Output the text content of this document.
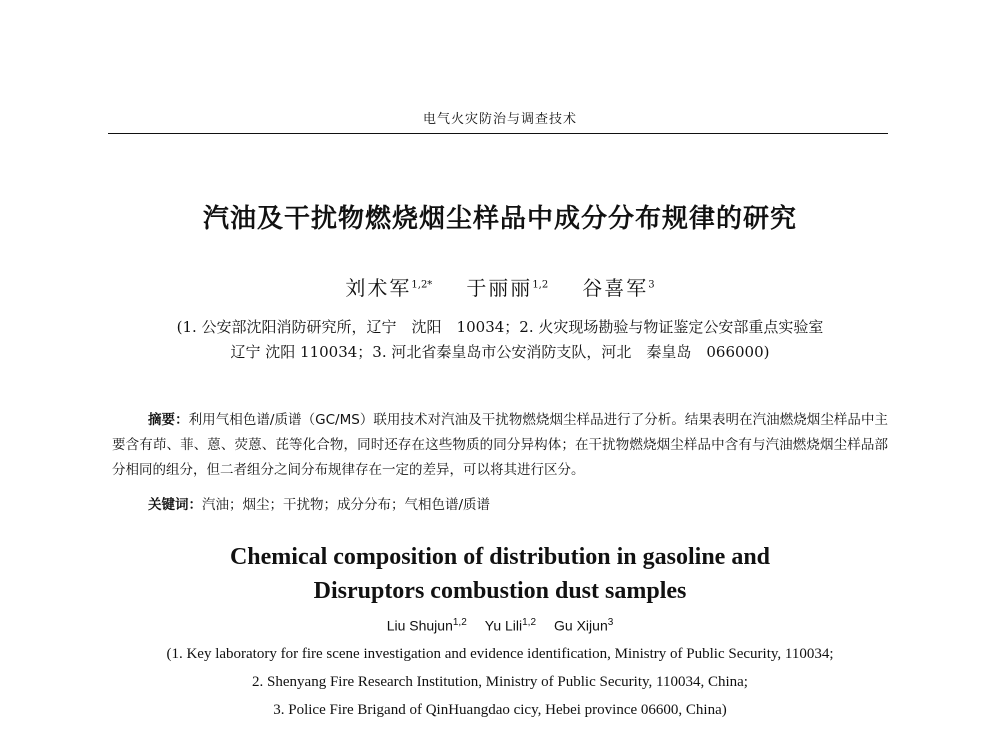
电气火灾防治与调查技术
汽油及干扰物燃烧烟尘样品中成分分布规律的研究
刘术军$^{1,2*}$ 于丽丽$^{1,2}$ 谷喜军$^3$
(1. 公安部沈阳消防研究所，辽宁　沈阳　10034；2. 火灾现场勘验与物证鉴定公安部重点实验室
辽宁 沈阳 110034；3. 河北省秦皇岛市公安消防支队，河北　秦皇岛　066000)
摘要：利用气相色谱/质谱（GC/MS）联用技术对汽油及干扰物燃烧烟尘样品进行了分析。结果表明在汽油燃烧烟尘样品中主要含有茚、菲、蒽、荧蒽、芘等化合物，同时还存在这些物质的同分异构体；在干扰物燃烧烟尘样品中含有与汽油燃烧烟尘样品部分相同的组分，但二者组分之间分布规律存在一定的差异，可以将其进行区分。
关键词：汽油；烟尘；干扰物；成分分布；气相色谱/质谱
Chemical composition of distribution in gasoline and
Disruptors combustion dust samples
Liu Shujun$^{1,2}$ Yu Lili$^{1,2}$ Gu Xijun$^3$
(1. Key laboratory for fire scene investigation and evidence identification, Ministry of Public Security, 110034;
2. Shenyang Fire Research Institution, Ministry of Public Security, 110034, China;
3. Police Fire Brigand of QinHuangdao cicy, Hebei province 06600, China)
